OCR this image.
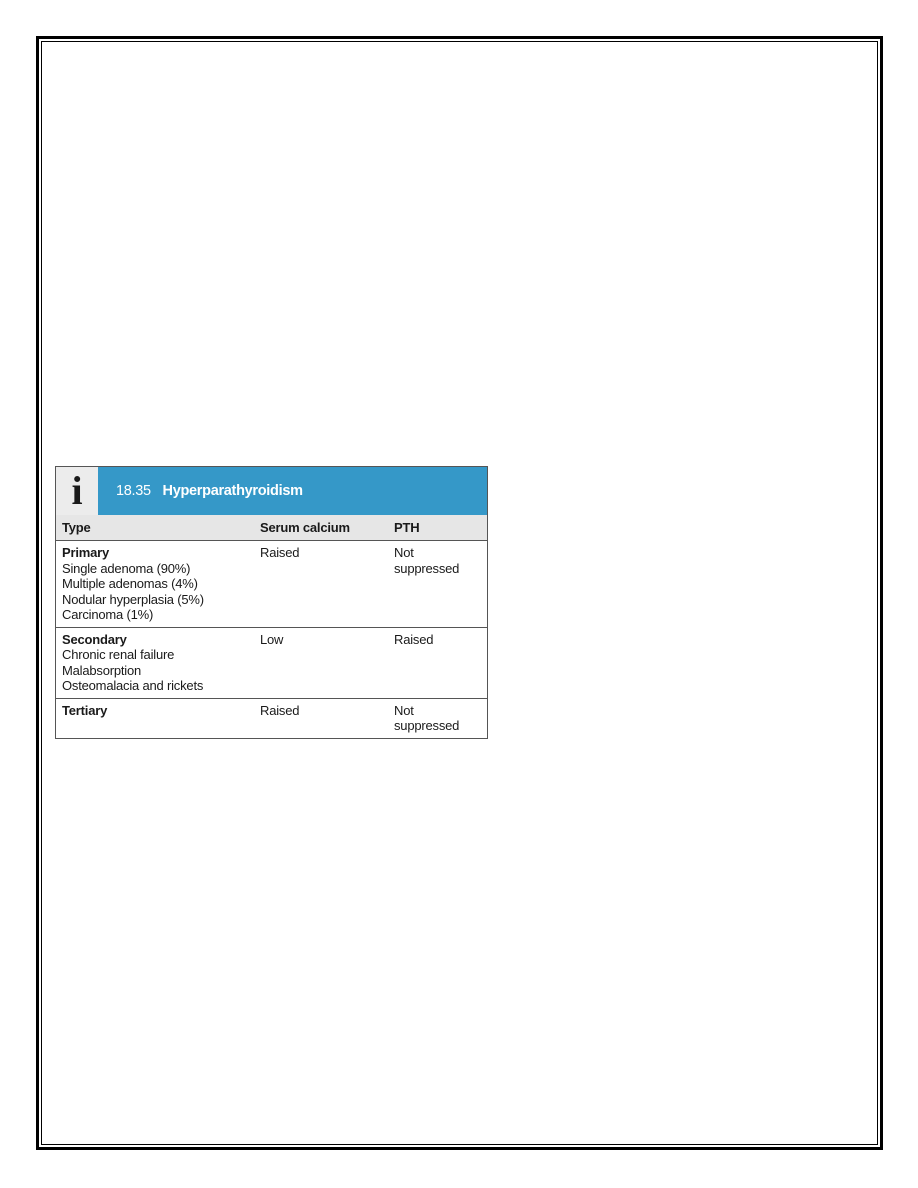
i 18.35 Hyperparathyroidism
Type	Serum calcium	PTH

Primary
Single adenoma (90%)
Multiple adenomas (4%)
Nodular hyperplasia (5%)
Carcinoma (1%)	Raised	Not suppressed

Secondary
Chronic renal failure
Malabsorption
Osteomalacia and rickets	Low	Raised

Tertiary	Raised	Not suppressed
